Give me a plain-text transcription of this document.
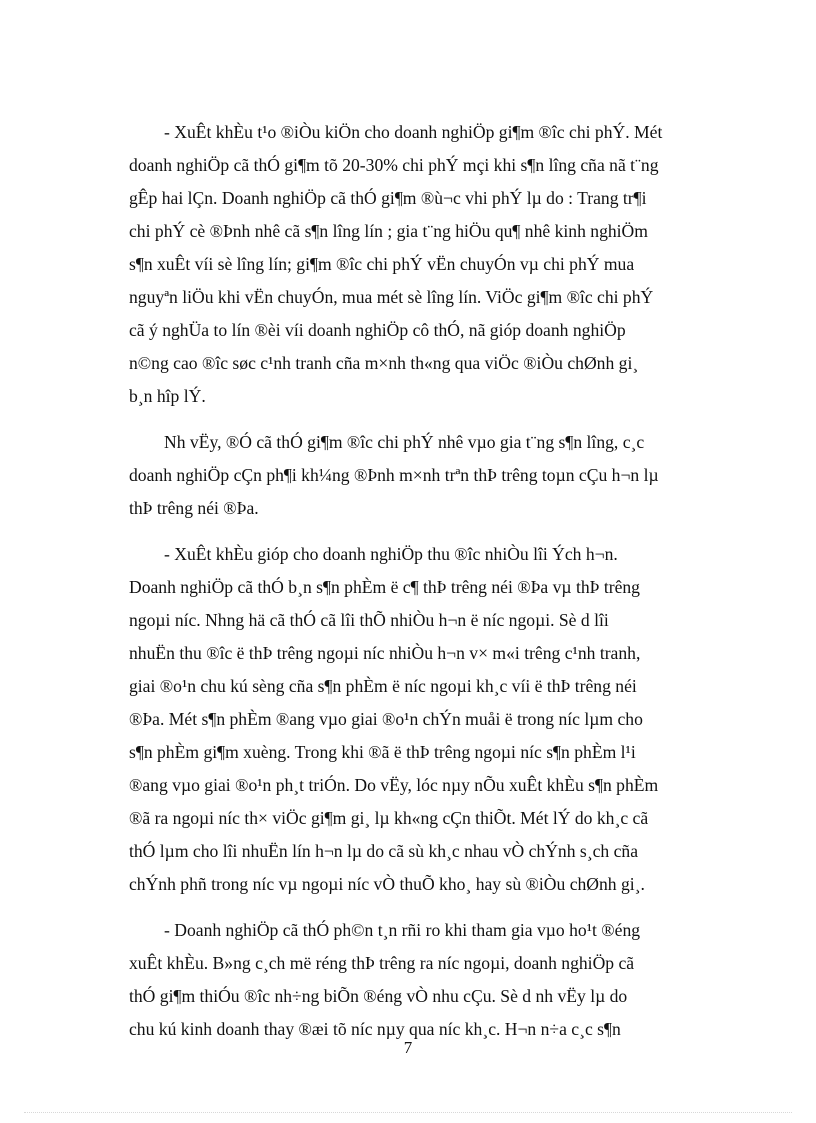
- XuÊt khÈu t¹o ®iÒu kiÖn cho doanh nghiÖp gi¶m ®îc chi phÝ. Mét
doanh nghiÖp cã thÓ gi¶m tõ 20-30% chi phÝ mçi khi s¶n lîng cña nã t¨ng
gÊp hai lÇn. Doanh nghiÖp cã thÓ gi¶m ®ù¬c vhi phÝ lµ do : Trang tr¶i
chi phÝ cè ®Þnh nhê cã s¶n lîng lín ; gia t¨ng hiÖu qu¶ nhê kinh nghiÖm
s¶n xuÊt víi sè lîng lín; gi¶m ®îc chi phÝ vËn chuyÓn vµ chi phÝ mua
nguyªn liÖu khi vËn chuyÓn, mua mét sè lîng lín. ViÖc gi¶m ®îc chi phÝ
cã ý nghÜa to lín ®èi víi doanh nghiÖp cô thÓ, nã gióp doanh nghiÖp
n©ng cao ®îc søc c¹nh tranh cña m×nh th«ng qua viÖc ®iÒu chØnh gi¸
b¸n hîp lÝ.

Nh vËy, ®Ó cã thÓ gi¶m ®îc chi phÝ nhê vµo gia t¨ng s¶n lîng, c¸c
doanh nghiÖp cÇn ph¶i kh¼ng ®Þnh m×nh trªn thÞ trêng toµn cÇu h¬n lµ
thÞ trêng néi ®Þa.

- XuÊt khÈu gióp cho doanh nghiÖp thu ®îc nhiÒu lîi Ých h¬n.
Doanh nghiÖp cã thÓ b¸n s¶n phÈm ë c¶ thÞ trêng néi ®Þa vµ thÞ trêng
ngoµi níc. Nhng hä cã thÓ cã lîi thÕ nhiÒu h¬n ë níc ngoµi. Sè d lîi
nhuËn thu ®îc ë thÞ trêng ngoµi níc nhiÒu h¬n v× m«i trêng c¹nh tranh,
giai ®o¹n chu kú sèng cña s¶n phÈm ë níc ngoµi kh¸c víi ë thÞ trêng néi
®Þa. Mét s¶n phÈm ®ang vµo giai ®o¹n chÝn muåi ë trong níc lµm cho
s¶n phÈm gi¶m xuèng. Trong khi ®ã ë thÞ trêng ngoµi níc s¶n phÈm l¹i
®ang vµo giai ®o¹n ph¸t triÓn. Do vËy, lóc nµy nÕu xuÊt khÈu s¶n phÈm
®ã ra ngoµi níc th× viÖc gi¶m gi¸ lµ kh«ng cÇn thiÕt. Mét lÝ do kh¸c cã
thÓ lµm cho lîi nhuËn lín h¬n lµ do cã sù kh¸c nhau vÒ chÝnh s¸ch cña
chÝnh phñ trong níc vµ ngoµi níc vÒ thuÕ kho¸ hay sù ®iÒu chØnh gi¸.

- Doanh nghiÖp cã thÓ ph©n t¸n rñi ro khi tham gia vµo ho¹t ®éng
xuÊt khÈu. B»ng c¸ch më réng thÞ trêng ra níc ngoµi, doanh nghiÖp cã
thÓ gi¶m thiÓu ®îc nh÷ng biÕn ®éng vÒ nhu cÇu. Sè d nh vËy lµ do
chu kú kinh doanh thay ®æi tõ níc nµy qua níc kh¸c. H¬n n÷a c¸c s¶n

7
